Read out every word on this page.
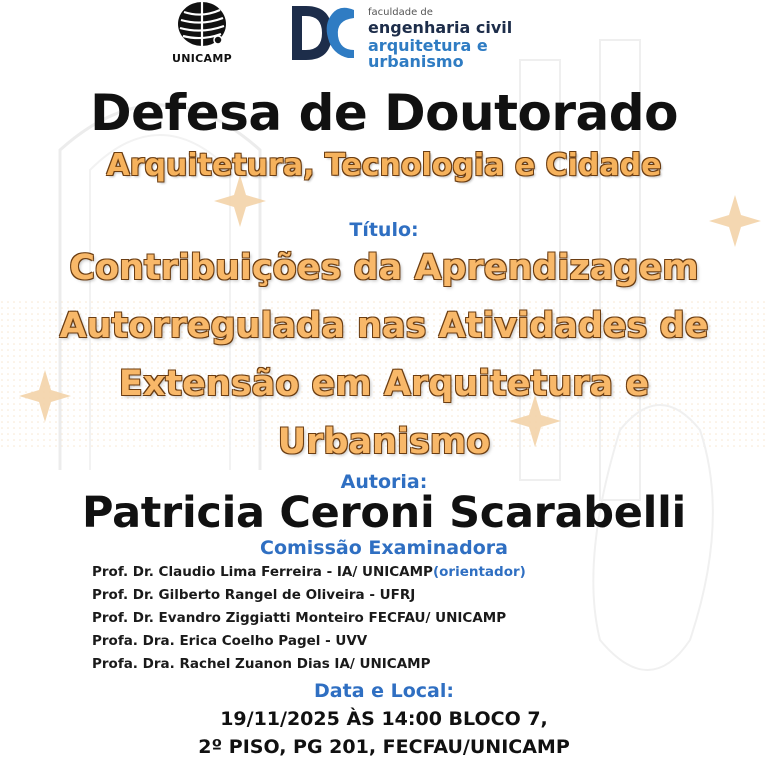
UNICAMP
faculdade de
engenharia civil
arquitetura e urbanismo
Defesa de Doutorado
Arquitetura, Tecnologia e Cidade
Título:
Contribuições da Aprendizagem
Autorregulada nas Atividades de
Extensão em Arquitetura e
Urbanismo
Autoria:
Patricia Ceroni Scarabelli
Comissão Examinadora
Prof. Dr. Claudio Lima Ferreira - IA/ UNICAMP(orientador)
Prof. Dr. Gilberto Rangel de Oliveira - UFRJ
Prof. Dr. Evandro Ziggiatti Monteiro FECFAU/ UNICAMP
Profa. Dra. Erica Coelho Pagel - UVV
Profa. Dra. Rachel Zuanon Dias IA/ UNICAMP
Data e Local:
19/11/2025 ÀS 14:00 BLOCO 7,
2º PISO, PG 201, FECFAU/UNICAMP
